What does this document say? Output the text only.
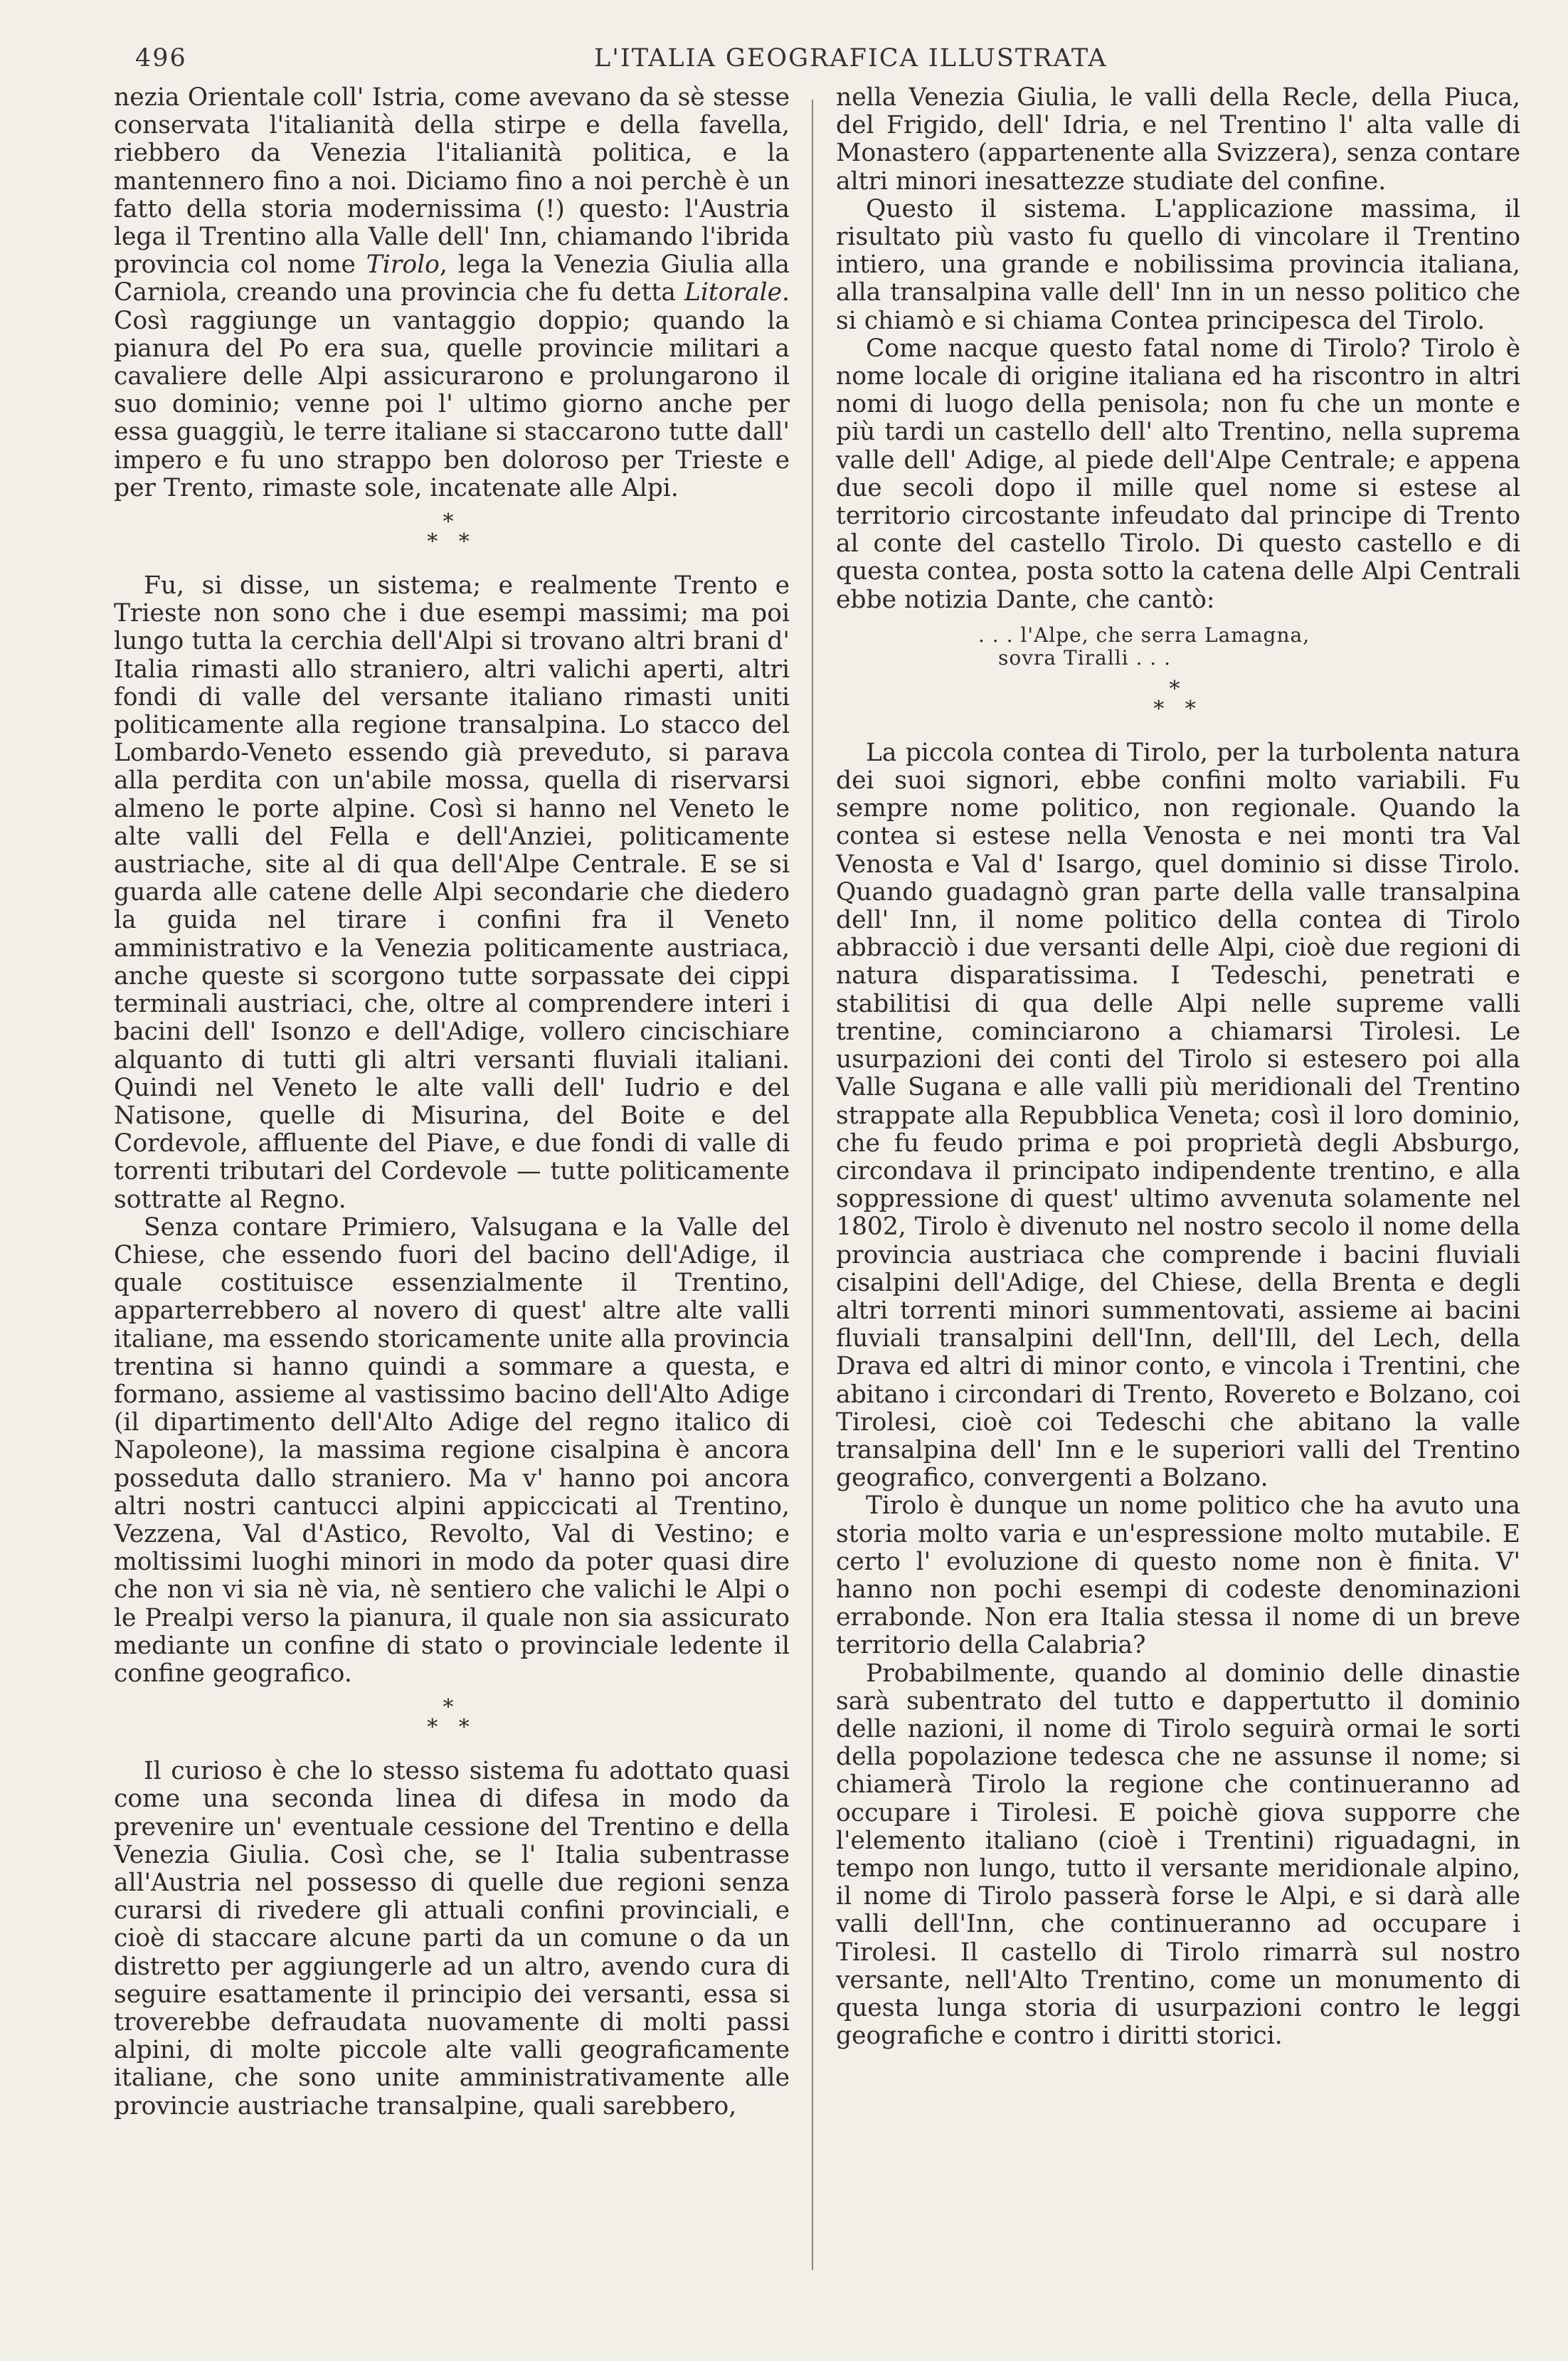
496	L'ITALIA GEOGRAFICA ILLUSTRATA

nezia Orientale coll' Istria, come avevano da sè stesse conservata l'italianità della stirpe e della favella, riebbero da Venezia l'italianità politica, e la mantennero fino a noi. Diciamo fino a noi perchè è un fatto della storia modernissima (!) questo: l'Austria lega il Trentino alla Valle dell' Inn, chiamando l'ibrida provincia col nome Tirolo, lega la Venezia Giulia alla Carniola, creando una provincia che fu detta Litorale. Così raggiunge un vantaggio doppio; quando la pianura del Po era sua, quelle provincie militari a cavaliere delle Alpi assicurarono e prolungarono il suo dominio; venne poi l' ultimo giorno anche per essa guaggiù, le terre italiane si staccarono tutte dall' impero e fu uno strappo ben doloroso per Trieste e per Trento, rimaste sole, incatenate alle Alpi.

*
* *

Fu, si disse, un sistema; e realmente Trento e Trieste non sono che i due esempi massimi; ma poi lungo tutta la cerchia dell'Alpi si trovano altri brani d' Italia rimasti allo straniero, altri valichi aperti, altri fondi di valle del versante italiano rimasti uniti politicamente alla regione transalpina. Lo stacco del Lombardo-Veneto essendo già preveduto, si parava alla perdita con un'abile mossa, quella di riservarsi almeno le porte alpine. Così si hanno nel Veneto le alte valli del Fella e dell'Anziei, politicamente austriache, site al di qua dell'Alpe Centrale. E se si guarda alle catene delle Alpi secondarie che diedero la guida nel tirare i confini fra il Veneto amministrativo e la Venezia politicamente austriaca, anche queste si scorgono tutte sorpassate dei cippi terminali austriaci, che, oltre al comprendere interi i bacini dell' Isonzo e dell'Adige, vollero cincischiare alquanto di tutti gli altri versanti fluviali italiani. Quindi nel Veneto le alte valli dell' Iudrio e del Natisone, quelle di Misurina, del Boite e del Cordevole, affluente del Piave, e due fondi di valle di torrenti tributari del Cordevole — tutte politicamente sottratte al Regno.

Senza contare Primiero, Valsugana e la Valle del Chiese, che essendo fuori del bacino dell'Adige, il quale costituisce essenzialmente il Trentino, apparterrebbero al novero di quest' altre alte valli italiane, ma essendo storicamente unite alla provincia trentina si hanno quindi a sommare a questa, e formano, assieme al vastissimo bacino dell'Alto Adige (il dipartimento dell'Alto Adige del regno italico di Napoleone), la massima regione cisalpina è ancora posseduta dallo straniero. Ma v' hanno poi ancora altri nostri cantucci alpini appiccicati al Trentino, Vezzena, Val d'Astico, Revolto, Val di Vestino; e moltissimi luoghi minori in modo da poter quasi dire che non vi sia nè via, nè sentiero che valichi le Alpi o le Prealpi verso la pianura, il quale non sia assicurato mediante un confine di stato o provinciale ledente il confine geografico.

*
* *

Il curioso è che lo stesso sistema fu adottato quasi come una seconda linea di difesa in modo da prevenire un' eventuale cessione del Trentino e della Venezia Giulia. Così che, se l' Italia subentrasse all'Austria nel possesso di quelle due regioni senza curarsi di rivedere gli attuali confini provinciali, e cioè di staccare alcune parti da un comune o da un distretto per aggiungerle ad un altro, avendo cura di seguire esattamente il principio dei versanti, essa si troverebbe defraudata nuovamente di molti passi alpini, di molte piccole alte valli geograficamente italiane, che sono unite amministrativamente alle provincie austriache transalpine, quali sarebbero,

nella Venezia Giulia, le valli della Recle, della Piuca, del Frigido, dell' Idria, e nel Trentino l' alta valle di Monastero (appartenente alla Svizzera), senza contare altri minori inesattezze studiate del confine.

Questo il sistema. L'applicazione massima, il risultato più vasto fu quello di vincolare il Trentino intiero, una grande e nobilissima provincia italiana, alla transalpina valle dell' Inn in un nesso politico che si chiamò e si chiama Contea principesca del Tirolo.

Come nacque questo fatal nome di Tirolo? Tirolo è nome locale di origine italiana ed ha riscontro in altri nomi di luogo della penisola; non fu che un monte e più tardi un castello dell' alto Trentino, nella suprema valle dell' Adige, al piede dell'Alpe Centrale; e appena due secoli dopo il mille quel nome si estese al territorio circostante infeudato dal principe di Trento al conte del castello Tirolo. Di questo castello e di questa contea, posta sotto la catena delle Alpi Centrali ebbe notizia Dante, che cantò:

. . . l'Alpe, che serra Lamagna,
sovra Tiralli . . .
*
* *

La piccola contea di Tirolo, per la turbolenta natura dei suoi signori, ebbe confini molto variabili. Fu sempre nome politico, non regionale. Quando la contea si estese nella Venosta e nei monti tra Val Venosta e Val d' Isargo, quel dominio si disse Tirolo. Quando guadagnò gran parte della valle transalpina dell' Inn, il nome politico della contea di Tirolo abbracciò i due versanti delle Alpi, cioè due regioni di natura disparatissima. I Tedeschi, penetrati e stabilitisi di qua delle Alpi nelle supreme valli trentine, cominciarono a chiamarsi Tirolesi. Le usurpazioni dei conti del Tirolo si estesero poi alla Valle Sugana e alle valli più meridionali del Trentino strappate alla Repubblica Veneta; così il loro dominio, che fu feudo prima e poi proprietà degli Absburgo, circondava il principato indipendente trentino, e alla soppressione di quest' ultimo avvenuta solamente nel 1802, Tirolo è divenuto nel nostro secolo il nome della provincia austriaca che comprende i bacini fluviali cisalpini dell'Adige, del Chiese, della Brenta e degli altri torrenti minori summentovati, assieme ai bacini fluviali transalpini dell'Inn, dell'Ill, del Lech, della Drava ed altri di minor conto, e vincola i Trentini, che abitano i circondari di Trento, Rovereto e Bolzano, coi Tirolesi, cioè coi Tedeschi che abitano la valle transalpina dell' Inn e le superiori valli del Trentino geografico, convergenti a Bolzano.

Tirolo è dunque un nome politico che ha avuto una storia molto varia e un'espressione molto mutabile. E certo l' evoluzione di questo nome non è finita. V' hanno non pochi esempi di codeste denominazioni errabonde. Non era Italia stessa il nome di un breve territorio della Calabria?

Probabilmente, quando al dominio delle dinastie sarà subentrato del tutto e dappertutto il dominio delle nazioni, il nome di Tirolo seguirà ormai le sorti della popolazione tedesca che ne assunse il nome; si chiamerà Tirolo la regione che continueranno ad occupare i Tirolesi. E poichè giova supporre che l'elemento italiano (cioè i Trentini) riguadagni, in tempo non lungo, tutto il versante meridionale alpino, il nome di Tirolo passerà forse le Alpi, e si darà alle valli dell'Inn, che continueranno ad occupare i Tirolesi. Il castello di Tirolo rimarrà sul nostro versante, nell'Alto Trentino, come un monumento di questa lunga storia di usurpazioni contro le leggi geografiche e contro i diritti storici.
